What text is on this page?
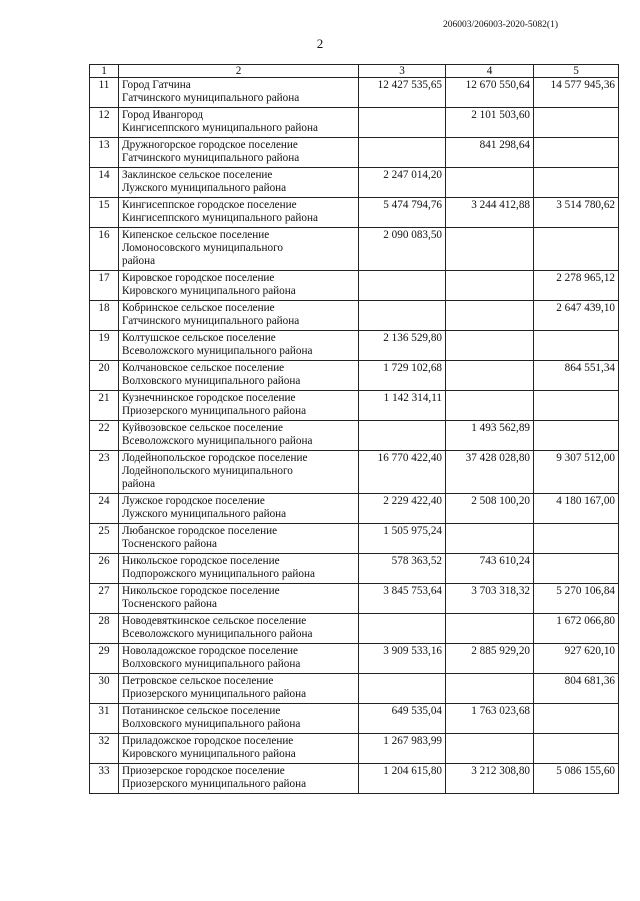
206003/206003-2020-5082(1)
2
1	2	3	4	5
11	Город Гатчина
Гатчинского муниципального района	12 427 535,65	12 670 550,64	14 577 945,36
12	Город Ивангород
Кингисеппского муниципального района		2 101 503,60	
13	Дружногорское городское поселение
Гатчинского муниципального района		841 298,64	
14	Заклинское сельское поселение
Лужского муниципального района	2 247 014,20		
15	Кингисеппское городское поселение
Кингисеппского муниципального района	5 474 794,76	3 244 412,88	3 514 780,62
16	Кипенское сельское поселение
Ломоносовского муниципального
района	2 090 083,50		
17	Кировское городское поселение
Кировского муниципального района			2 278 965,12
18	Кобринское сельское поселение
Гатчинского муниципального района			2 647 439,10
19	Колтушское сельское поселение
Всеволожского муниципального района	2 136 529,80		
20	Колчановское сельское поселение
Волховского муниципального района	1 729 102,68		864 551,34
21	Кузнечнинское городское поселение
Приозерского муниципального района	1 142 314,11		
22	Куйвозовское сельское поселение
Всеволожского муниципального района		1 493 562,89	
23	Лодейнопольское городское поселение
Лодейнопольского муниципального
района	16 770 422,40	37 428 028,80	9 307 512,00
24	Лужское городское поселение
Лужского муниципального района	2 229 422,40	2 508 100,20	4 180 167,00
25	Любанское городское поселение
Тосненского района	1 505 975,24		
26	Никольское городское поселение
Подпорожского муниципального района	578 363,52	743 610,24	
27	Никольское городское поселение
Тосненского района	3 845 753,64	3 703 318,32	5 270 106,84
28	Новодевяткинское сельское поселение
Всеволожского муниципального района			1 672 066,80
29	Новоладожское городское поселение
Волховского муниципального района	3 909 533,16	2 885 929,20	927 620,10
30	Петровское сельское поселение
Приозерского муниципального района			804 681,36
31	Потанинское сельское поселение
Волховского муниципального района	649 535,04	1 763 023,68	
32	Приладожское городское поселение
Кировского муниципального района	1 267 983,99		
33	Приозерское городское поселение
Приозерского муниципального района	1 204 615,80	3 212 308,80	5 086 155,60
